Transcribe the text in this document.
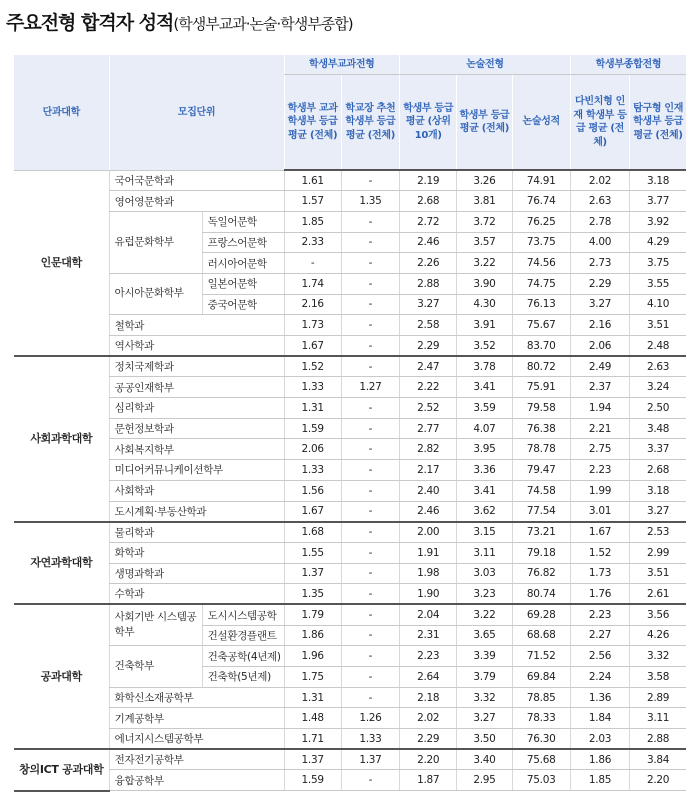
주요전형 합격자 성적(학생부교과·논술·학생부종합)
단과대학	모집단위		학생부교과전형		논술전형			학생부종합전형	
			학생부 교과 학생부 등급 평균 (전체)	학교장 추천 학생부 등급 평균 (전체)	학생부 등급 평균 (상위 10개)	학생부 등급 평균 (전체)	논술성적	다빈치형 인재 학생부 등급 평균 (전체)	탐구형 인재 학생부 등급 평균 (전체)
인문대학	국어국문학과		1.61	-	2.19	3.26	74.91	2.02	3.18
	영어영문학과		1.57	1.35	2.68	3.81	76.74	2.63	3.77
	유럽문화학부	독일어문학	1.85	-	2.72	3.72	76.25	2.78	3.92
		프랑스어문학	2.33	-	2.46	3.57	73.75	4.00	4.29
		러시아어문학	-	-	2.26	3.22	74.56	2.73	3.75
	아시아문화학부	일본어문학	1.74	-	2.88	3.90	74.75	2.29	3.55
		중국어문학	2.16	-	3.27	4.30	76.13	3.27	4.10
	철학과		1.73	-	2.58	3.91	75.67	2.16	3.51
	역사학과		1.67	-	2.29	3.52	83.70	2.06	2.48
사회과학대학	정치국제학과		1.52	-	2.47	3.78	80.72	2.49	2.63
	공공인재학부		1.33	1.27	2.22	3.41	75.91	2.37	3.24
	심리학과		1.31	-	2.52	3.59	79.58	1.94	2.50
	문헌정보학과		1.59	-	2.77	4.07	76.38	2.21	3.48
	사회복지학부		2.06	-	2.82	3.95	78.78	2.75	3.37
	미디어커뮤니케이션학부		1.33	-	2.17	3.36	79.47	2.23	2.68
	사회학과		1.56	-	2.40	3.41	74.58	1.99	3.18
	도시계획·부동산학과		1.67	-	2.46	3.62	77.54	3.01	3.27
자연과학대학	물리학과		1.68	-	2.00	3.15	73.21	1.67	2.53
	화학과		1.55	-	1.91	3.11	79.18	1.52	2.99
	생명과학과		1.37	-	1.98	3.03	76.82	1.73	3.51
	수학과		1.35	-	1.90	3.23	80.74	1.76	2.61
공과대학	사회기반 시스템공학부	도시시스템공학	1.79	-	2.04	3.22	69.28	2.23	3.56
		건설환경플랜트	1.86	-	2.31	3.65	68.68	2.27	4.26
	건축학부	건축공학(4년제)	1.96	-	2.23	3.39	71.52	2.56	3.32
		건축학(5년제)	1.75	-	2.64	3.79	69.84	2.24	3.58
	화학신소재공학부		1.31	-	2.18	3.32	78.85	1.36	2.89
	기계공학부		1.48	1.26	2.02	3.27	78.33	1.84	3.11
	에너지시스템공학부		1.71	1.33	2.29	3.50	76.30	2.03	2.88
창의ICT 공과대학	전자전기공학부		1.37	1.37	2.20	3.40	75.68	1.86	3.84
	융합공학부		1.59	-	1.87	2.95	75.03	1.85	2.20
